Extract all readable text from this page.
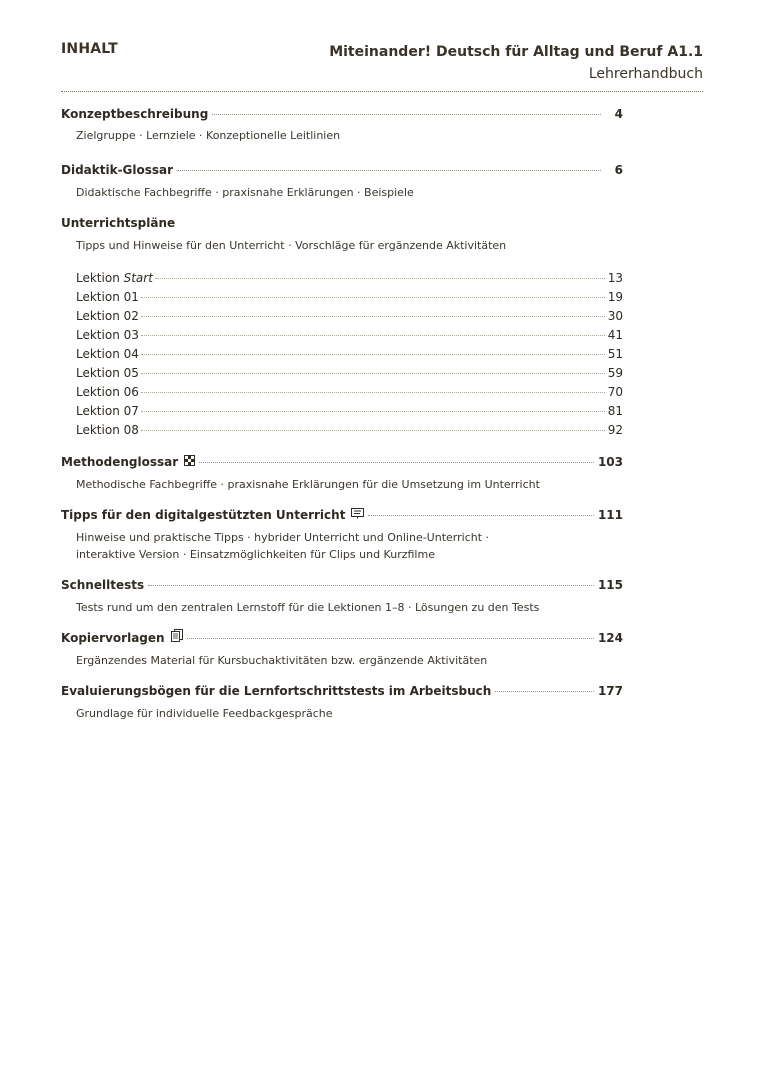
INHALT	Miteinander! Deutsch für Alltag und Beruf A1.1
Lehrerhandbuch
Konzeptbeschreibung	4
Zielgruppe · Lernziele · Konzeptionelle Leitlinien
Didaktik-Glossar	6
Didaktische Fachbegriffe · praxisnahe Erklärungen · Beispiele
Unterrichtspläne
Tipps und Hinweise für den Unterricht · Vorschläge für ergänzende Aktivitäten
Lektion Start	13
Lektion 01	19
Lektion 02	30
Lektion 03	41
Lektion 04	51
Lektion 05	59
Lektion 06	70
Lektion 07	81
Lektion 08	92
Methodenglossar	103
Methodische Fachbegriffe · praxisnahe Erklärungen für die Umsetzung im Unterricht
Tipps für den digitalgestützten Unterricht	111
Hinweise und praktische Tipps · hybrider Unterricht und Online-Unterricht ·
interaktive Version · Einsatzmöglichkeiten für Clips und Kurzfilme
Schnelltests	115
Tests rund um den zentralen Lernstoff für die Lektionen 1–8 · Lösungen zu den Tests
Kopiervorlagen	124
Ergänzendes Material für Kursbuchaktivitäten bzw. ergänzende Aktivitäten
Evaluierungsbögen für die Lernfortschrittstests im Arbeitsbuch	177
Grundlage für individuelle Feedbackgespräche
